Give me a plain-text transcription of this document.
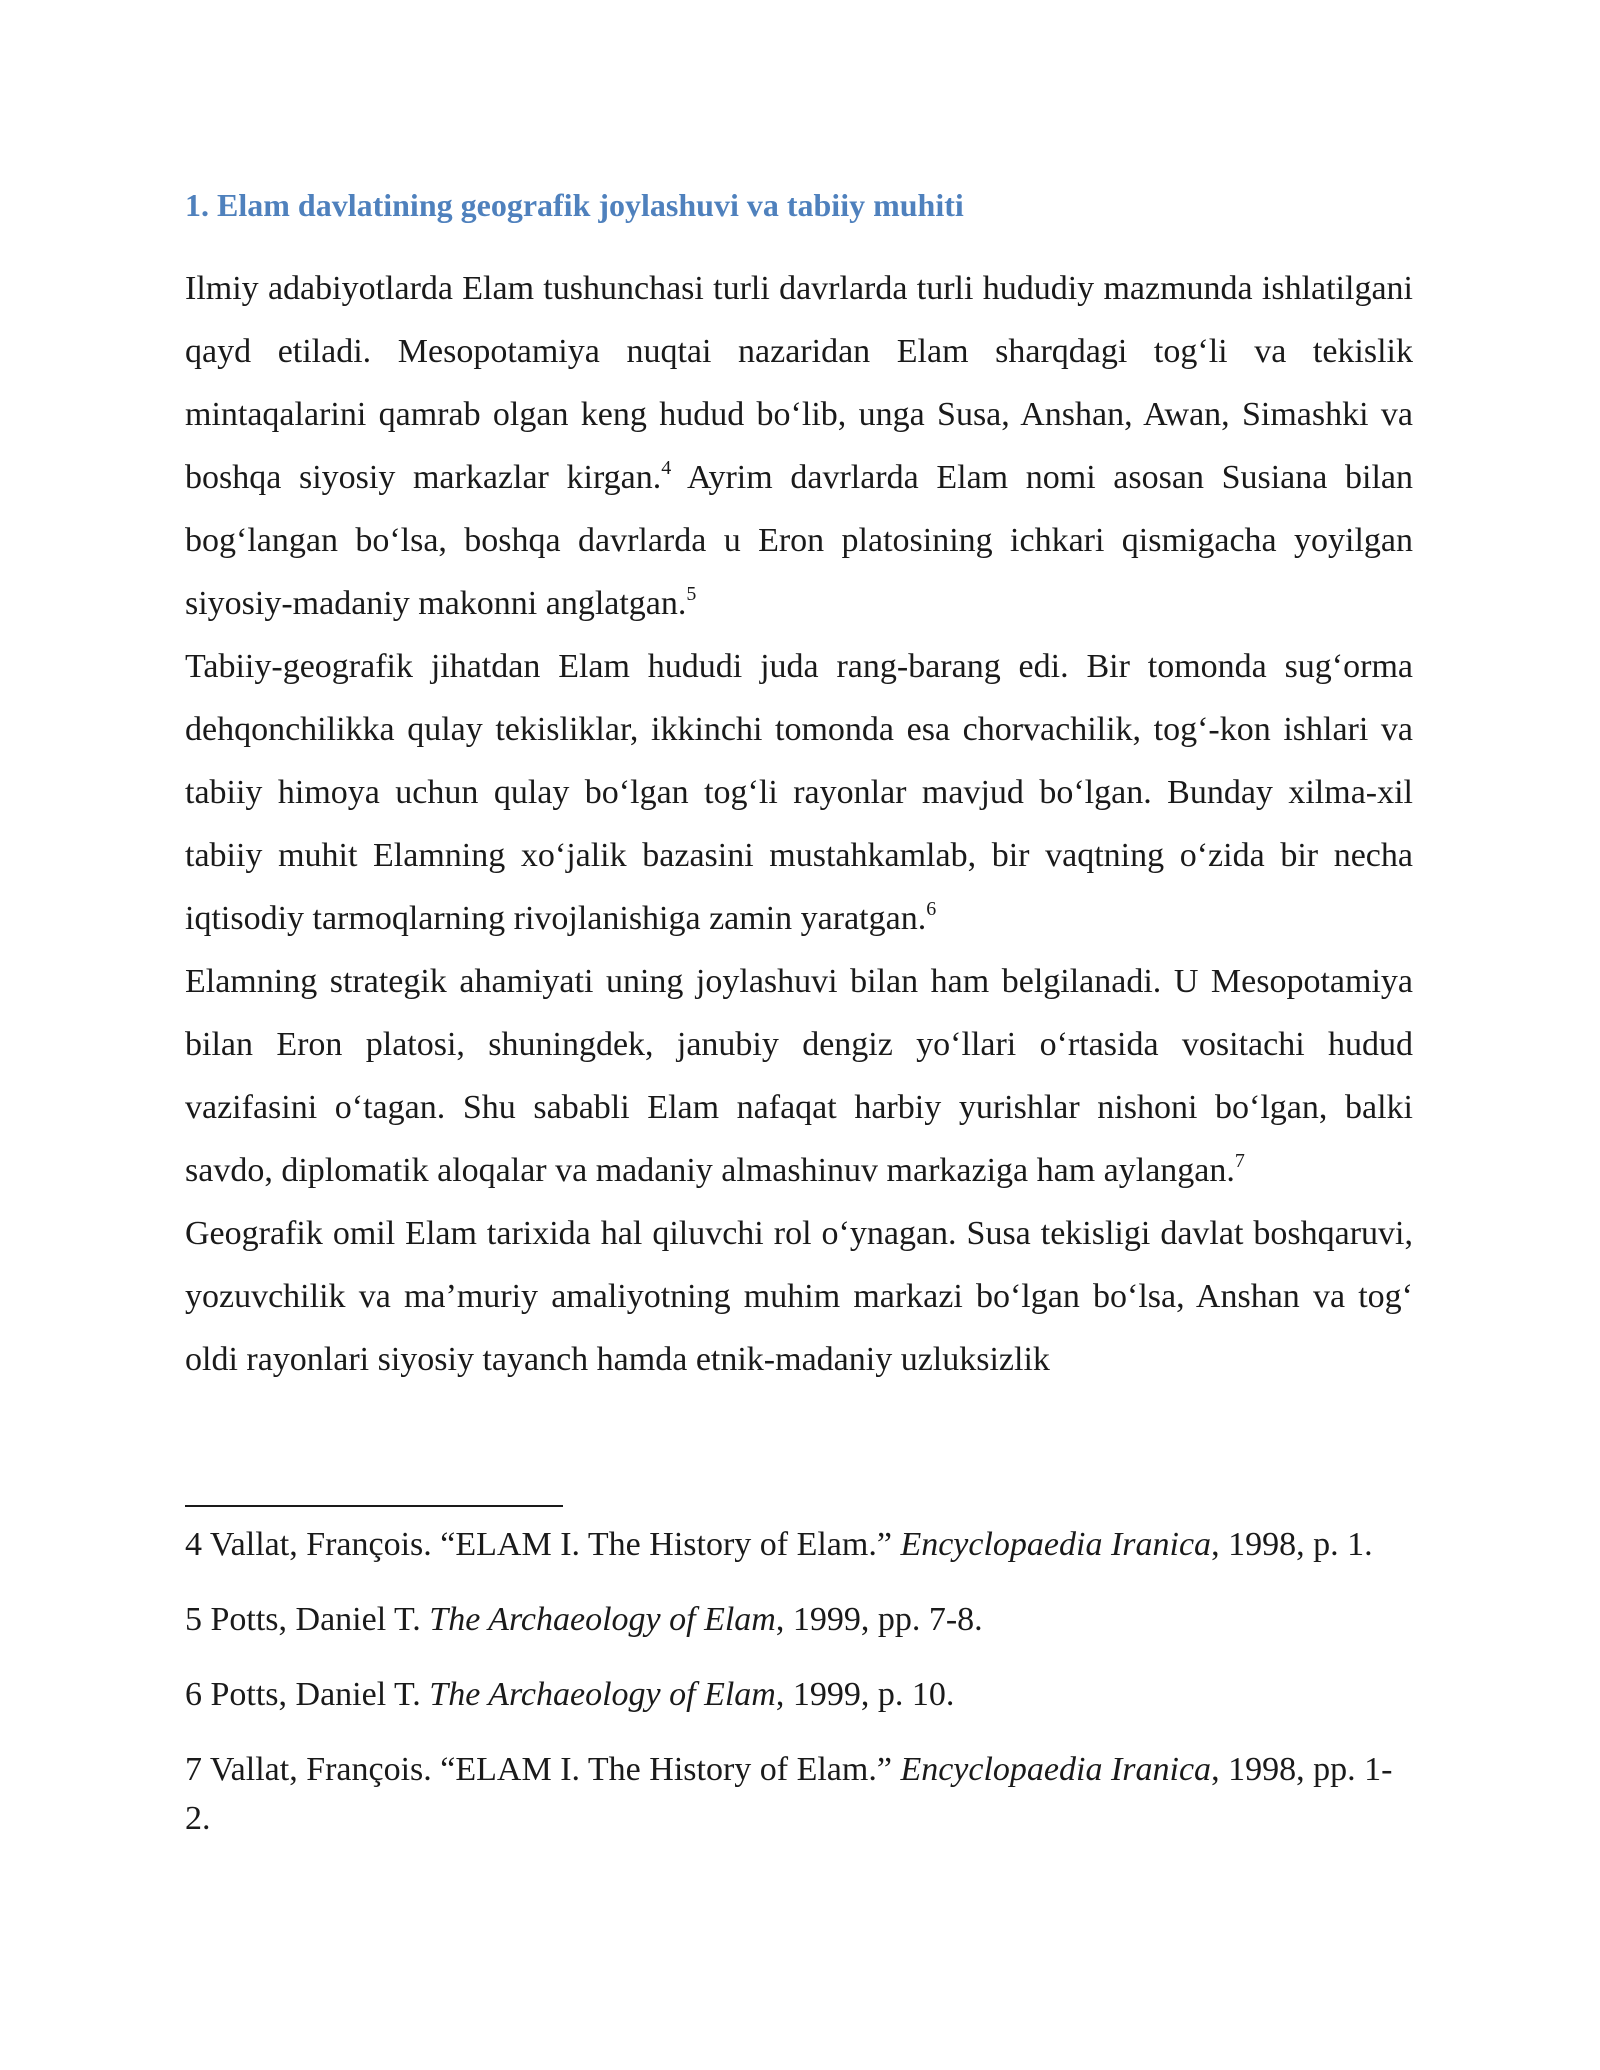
1. Elam davlatining geografik joylashuvi va tabiiy muhiti

Ilmiy adabiyotlarda Elam tushunchasi turli davrlarda turli hududiy mazmunda ishlatilgani qayd etiladi. Mesopotamiya nuqtai nazaridan Elam sharqdagi tog‘li va tekislik mintaqalarini qamrab olgan keng hudud bo‘lib, unga Susa, Anshan, Awan, Simashki va boshqa siyosiy markazlar kirgan.$^4$ Ayrim davrlarda Elam nomi asosan Susiana bilan bog‘langan bo‘lsa, boshqa davrlarda u Eron platosining ichkari qismigacha yoyilgan siyosiy-madaniy makonni anglatgan.$^5$

Tabiiy-geografik jihatdan Elam hududi juda rang-barang edi. Bir tomonda sug‘orma dehqonchilikka qulay tekisliklar, ikkinchi tomonda esa chorvachilik, tog‘-kon ishlari va tabiiy himoya uchun qulay bo‘lgan tog‘li rayonlar mavjud bo‘lgan. Bunday xilma-xil tabiiy muhit Elamning xo‘jalik bazasini mustahkamlab, bir vaqtning o‘zida bir necha iqtisodiy tarmoqlarning rivojlanishiga zamin yaratgan.$^6$

Elamning strategik ahamiyati uning joylashuvi bilan ham belgilanadi. U Mesopotamiya bilan Eron platosi, shuningdek, janubiy dengiz yo‘llari o‘rtasida vositachi hudud vazifasini o‘tagan. Shu sababli Elam nafaqat harbiy yurishlar nishoni bo‘lgan, balki savdo, diplomatik aloqalar va madaniy almashinuv markaziga ham aylangan.$^7$

Geografik omil Elam tarixida hal qiluvchi rol o‘ynagan. Susa tekisligi davlat boshqaruvi, yozuvchilik va ma’muriy amaliyotning muhim markazi bo‘lgan bo‘lsa, Anshan va tog‘ oldi rayonlari siyosiy tayanch hamda etnik-madaniy uzluksizlik

4 Vallat, François. “ELAM I. The History of Elam.” Encyclopaedia Iranica, 1998, p. 1.

5 Potts, Daniel T. The Archaeology of Elam, 1999, pp. 7-8.

6 Potts, Daniel T. The Archaeology of Elam, 1999, p. 10.

7 Vallat, François. “ELAM I. The History of Elam.” Encyclopaedia Iranica, 1998, pp. 1-2.
